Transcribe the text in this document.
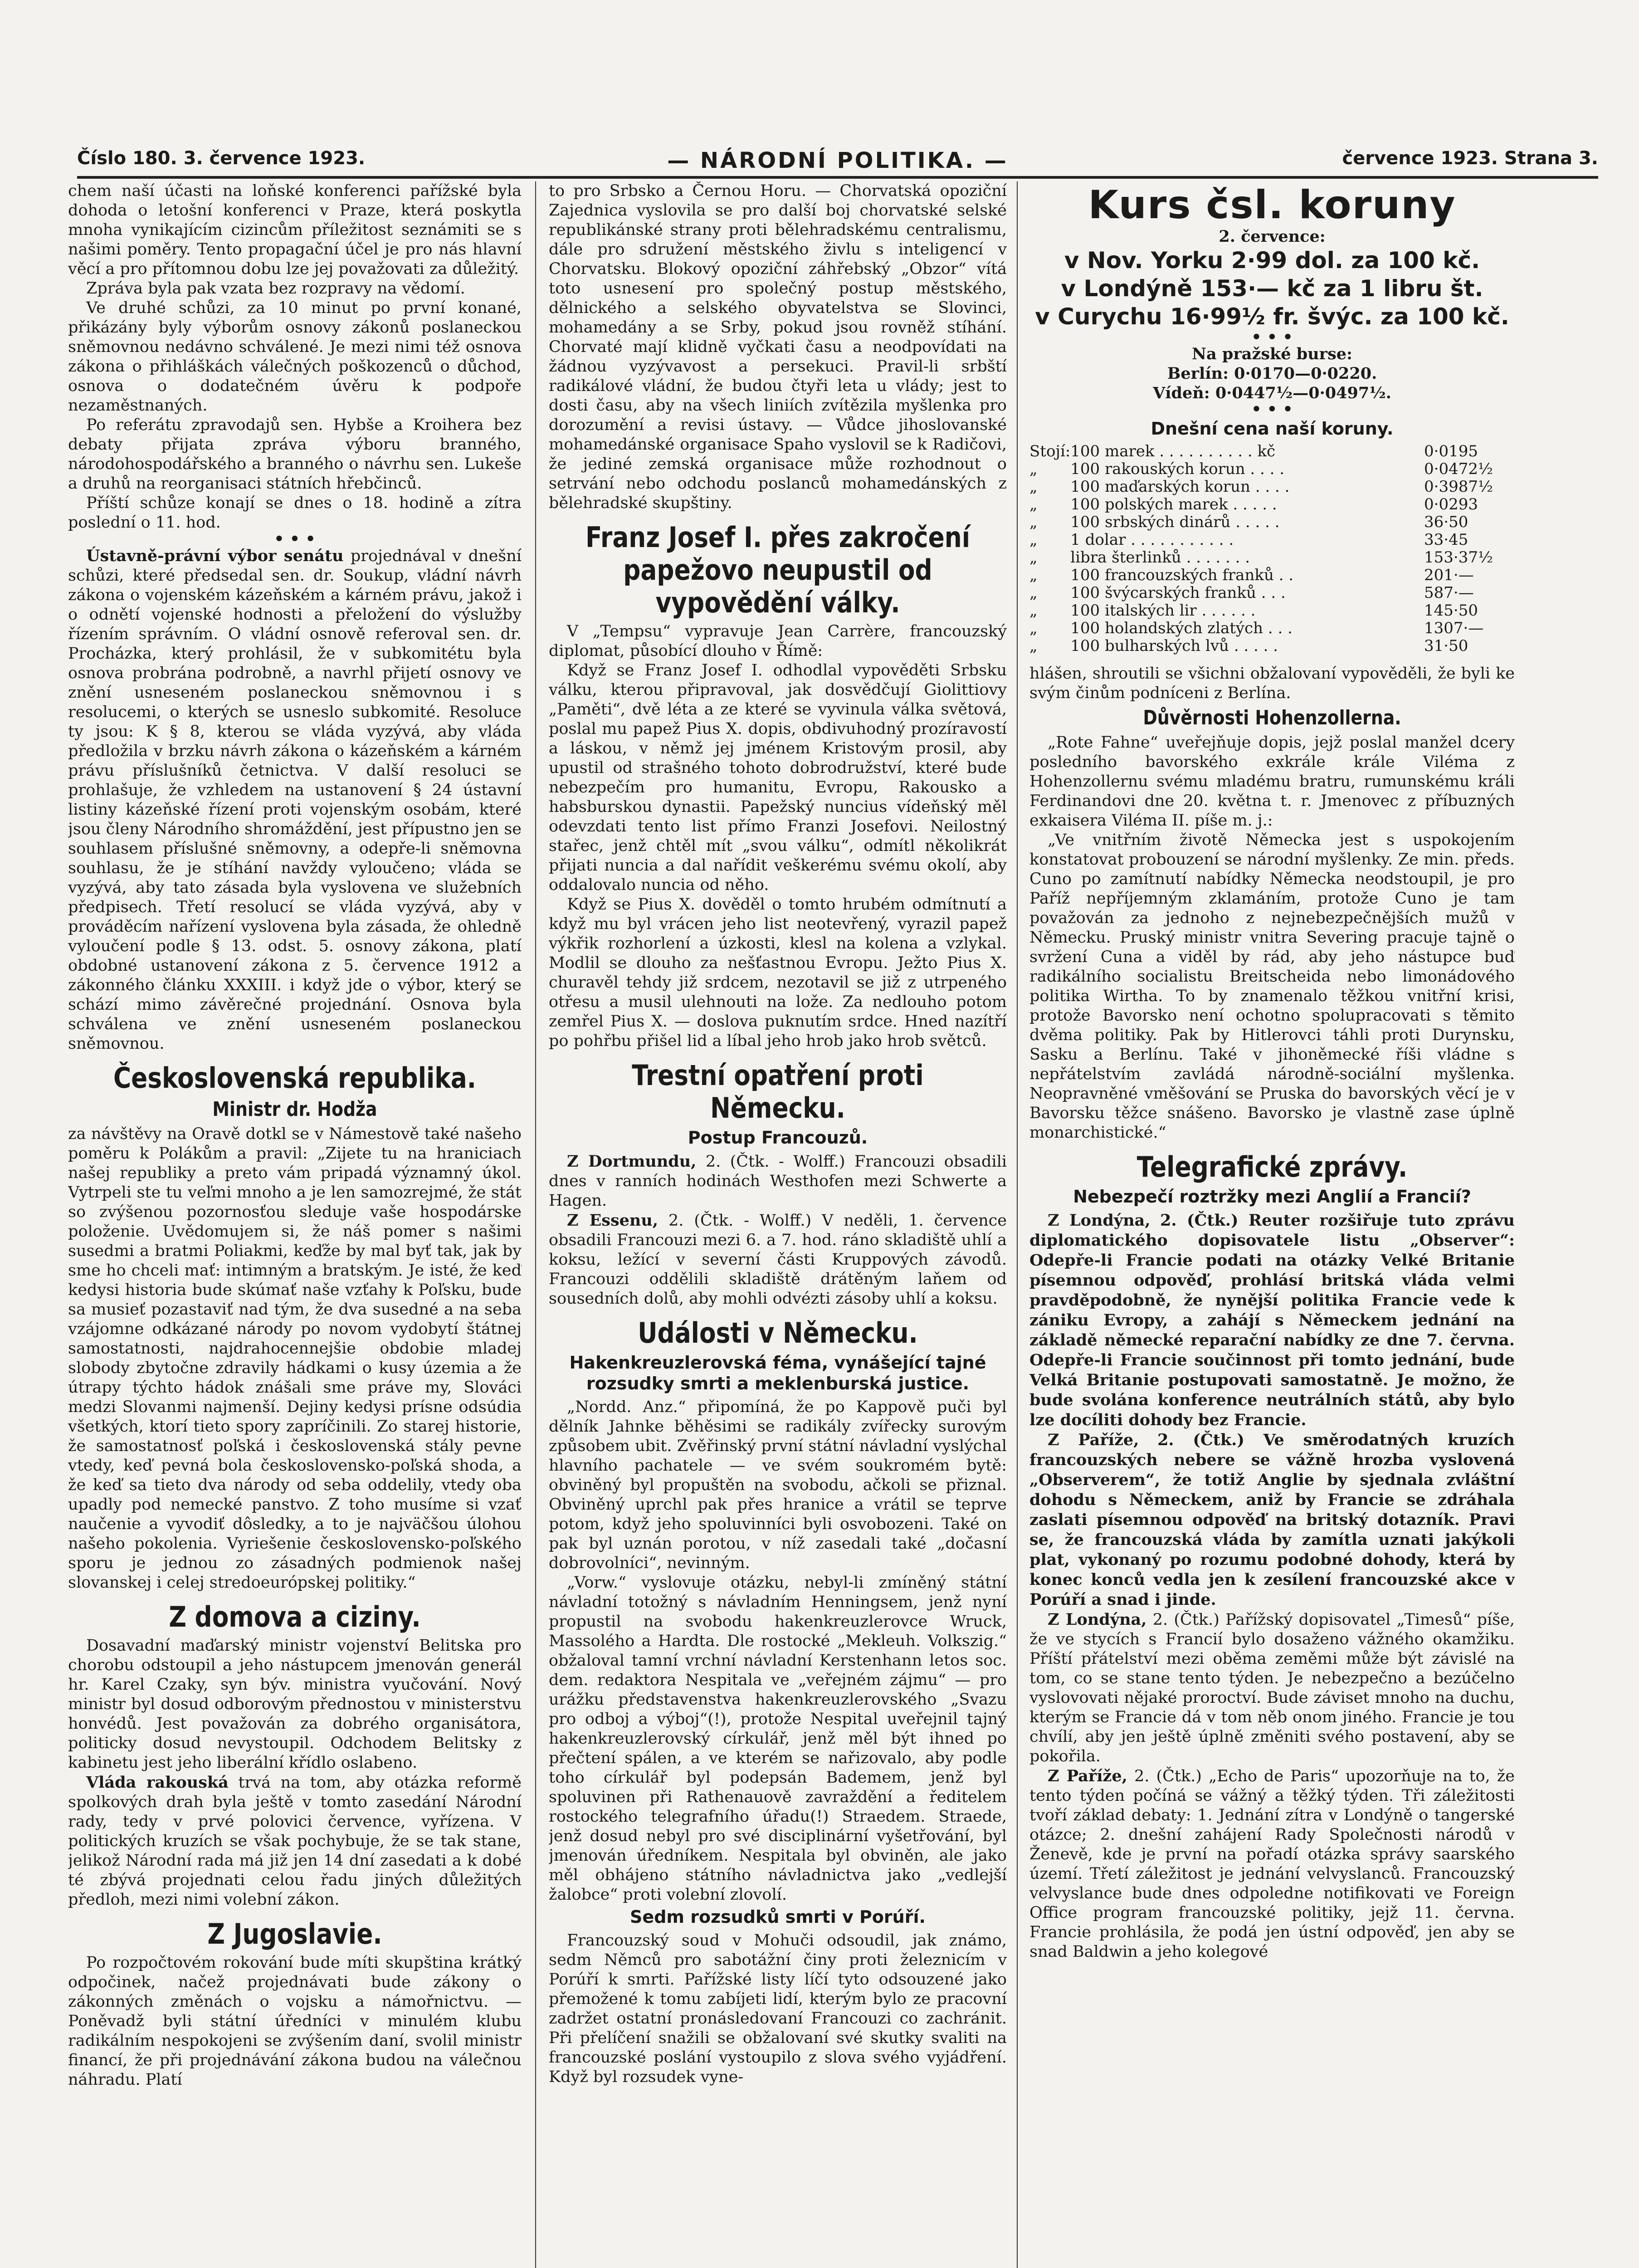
Číslo 180. 3. července 1923.	— NÁRODNÍ POLITIKA. —	července 1923. Strana 3.

chem naší účasti na loňské konferenci pařížské byla dohoda o letošní konferenci v Praze, která poskytla mnoha vynikajícím cizincům příležitost seznámiti se s našimi poměry. Tento propagační účel je pro nás hlavní věcí a pro přítomnou dobu lze jej považovati za důležitý.

Zpráva byla pak vzata bez rozpravy na vědomí.

Ve druhé schůzi, za 10 minut po první konané, přikázány byly výborům osnovy zákonů poslaneckou sněmovnou nedávno schválené. Je mezi nimi též osnova zákona o přihláškách válečných poškozenců o důchod, osnova o dodatečném úvěru k podpoře nezaměstnaných.

Po referátu zpravodajů sen. Hybše a Kroihera bez debaty přijata zpráva výboru branného, národohospodářského a branného o návrhu sen. Lukeše a druhů na reorganisaci státních hřebčinců.

Příští schůze konají se dnes o 18. hodině a zítra poslední o 11. hod.

• • •

Ústavně-právní výbor senátu projednával v dnešní schůzi, které předsedal sen. dr. Soukup, vládní návrh zákona o vojenském kázeňském a kárném právu, jakož i o odnětí vojenské hodnosti a přeložení do výslužby řízením správním. O vládní osnově referoval sen. dr. Procházka, který prohlásil, že v subkomitétu byla osnova probrána podrobně, a navrhl přijetí osnovy ve znění usneseném poslaneckou sněmovnou i s resolucemi, o kterých se usneslo subkomité. Resoluce ty jsou: K § 8, kterou se vláda vyzývá, aby vláda předložila v brzku návrh zákona o kázeňském a kárném právu příslušníků četnictva. V další resoluci se prohlašuje, že vzhledem na ustanovení § 24 ústavní listiny kázeňské řízení proti vojenským osobám, které jsou členy Národního shromáždění, jest přípustno jen se souhlasem příslušné sněmovny, a odepře-li sněmovna souhlasu, že je stíhání navždy vyloučeno; vláda se vyzývá, aby tato zásada byla vyslovena ve služebních předpisech. Třetí resolucí se vláda vyzývá, aby v prováděcím nařízení vyslovena byla zásada, že ohledně vyloučení podle § 13. odst. 5. osnovy zákona, platí obdobné ustanovení zákona z 5. července 1912 a zákonného článku XXXIII. i když jde o výbor, který se schází mimo závěrečné projednání. Osnova byla schválena ve znění usneseném poslaneckou sněmovnou.

Československá republika.
Ministr dr. Hodža

za návštěvy na Oravě dotkl se v Námestově také našeho poměru k Polákům a pravil: „Zijete tu na hraniciach našej republiky a preto vám pripadá významný úkol. Vytrpeli ste tu veľmi mnoho a je len samozrejmé, že stát so zvýšenou pozornosťou sleduje vaše hospodárske položenie. Uvědomujem si, že náš pomer s našimi susedmi a bratmi Poliakmi, keďže by mal byť tak, jak by sme ho chceli mať: intimným a bratským. Je isté, že keď kedysi historia bude skúmať naše vzťahy k Poľsku, bude sa musieť pozastaviť nad tým, že dva susedné a na seba vzájomne odkázané národy po novom vydobytí štátnej samostatnosti, najdrahocennejšie obdobie mladej slobody zbytočne zdravily hádkami o kusy územia a že útrapy týchto hádok znášali sme práve my, Slováci medzi Slovanmi najmenší. Dejiny kedysi prísne odsúdia všetkých, ktorí tieto spory zapríčinili. Zo starej historie, že samostatnosť poľská i československá stály pevne vtedy, keď pevná bola československo-poľská shoda, a že keď sa tieto dva národy od seba oddelily, vtedy oba upadly pod nemecké panstvo. Z toho musíme si vzať naučenie a vyvodiť dôsledky, a to je najväčšou úlohou našeho pokolenia. Vyriešenie československo-poľského sporu je jednou zo zásadných podmienok našej slovanskej i celej stredoeurópskej politiky.“

Z domova a ciziny.

Dosavadní maďarský ministr vojenství Belitska pro chorobu odstoupil a jeho nástupcem jmenován generál hr. Karel Czaky, syn býv. ministra vyučování. Nový ministr byl dosud odborovým přednostou v ministerstvu honvédů. Jest považován za dobrého organisátora, politicky dosud nevystoupil. Odchodem Belitsky z kabinetu jest jeho liberální křídlo oslabeno.

Vláda rakouská trvá na tom, aby otázka reformě spolkových drah byla ještě v tomto zasedání Národní rady, tedy v prvé polovici července, vyřízena. V politických kruzích se však pochybuje, že se tak stane, jelikož Národní rada má již jen 14 dní zasedati a k dobé té zbývá projednati celou řadu jiných důležitých předloh, mezi nimi volební zákon.

Z Jugoslavie.

Po rozpočtovém rokování bude míti skupština krátký odpočinek, načež projednávati bude zákony o zákonných změnách o vojsku a námořnictvu. — Poněvadž byli státní úředníci v minulém klubu radikálním nespokojeni se zvýšením daní, svolil ministr financí, že při projednávání zákona budou na válečnou náhradu. Platí

to pro Srbsko a Černou Horu. — Chorvatská opoziční Zajednica vyslovila se pro další boj chorvatské selské republikánské strany proti bělehradskému centralismu, dále pro sdružení městského živlu s inteligencí v Chorvatsku. Blokový opoziční záhřebský „Obzor“ vítá toto usnesení pro společný postup městského, dělnického a selského obyvatelstva se Slovinci, mohamedány a se Srby, pokud jsou rovněž stíhání. Chorvaté mají klidně vyčkati času a neodpovídati na žádnou vyzývavost a persekuci. Pravil-li srbští radikálové vládní, že budou čtyři leta u vlády; jest to dosti času, aby na všech liniích zvítězila myšlenka pro dorozumění a revisi ústavy. — Vůdce jihoslovanské mohamedánské organisace Spaho vyslovil se k Radičovi, že jediné zemská organisace může rozhodnout o setrvání nebo odchodu poslanců mohamedánských z bělehradské skupštiny.

Franz Josef I. přes zakročení papežovo neupustil od vypovědění války.

V „Tempsu“ vypravuje Jean Carrère, francouzský diplomat, působící dlouho v Římě:

Když se Franz Josef I. odhodlal vypověděti Srbsku válku, kterou připravoval, jak dosvědčují Giolittiovy „Paměti“, dvě léta a ze které se vyvinula válka světová, poslal mu papež Pius X. dopis, obdivuhodný prozíravostí a láskou, v němž jej jménem Kristovým prosil, aby upustil od strašného tohoto dobrodružství, které bude nebezpečím pro humanitu, Evropu, Rakousko a habsburskou dynastii. Papežský nuncius vídeňský měl odevzdati tento list přímo Franzi Josefovi. Neilostný stařec, jenž chtěl mít „svou válku“, odmítl několikrát přijati nuncia a dal nařídit veškerému svému okolí, aby oddalovalo nuncia od něho.

Když se Pius X. dověděl o tomto hrubém odmítnutí a když mu byl vrácen jeho list neotevřený, vyrazil papež výkřik rozhorlení a úzkosti, klesl na kolena a vzlykal. Modlil se dlouho za nešťastnou Evropu. Ježto Pius X. churavěl tehdy již srdcem, nezotavil se již z utrpeného otřesu a musil ulehnouti na lože. Za nedlouho potom zemřel Pius X. — doslova puknutím srdce. Hned nazítří po pohřbu přišel lid a líbal jeho hrob jako hrob světců.

Trestní opatření proti Německu.
Postup Francouzů.

Z Dortmundu, 2. (Čtk. - Wolff.) Francouzi obsadili dnes v ranních hodinách Westhofen mezi Schwerte a Hagen.

Z Essenu, 2. (Čtk. - Wolff.) V neděli, 1. července obsadili Francouzi mezi 6. a 7. hod. ráno skladiště uhlí a koksu, ležící v severní části Kruppových závodů. Francouzi oddělili skladiště drátěným laňem od sousedních dolů, aby mohli odvézti zásoby uhlí a koksu.

Události v Německu.
Hakenkreuzlerovská féma, vynášející tajné rozsudky smrti a meklenburská justice.

„Nordd. Anz.“ připomíná, že po Kappově puči byl dělník Jahnke běhěsimi se radikály zvířecky surovým způsobem ubit. Zvěřinský první státní návladní vyslýchal hlavního pachatele — ve svém soukromém bytě: obviněný byl propuštěn na svobodu, ačkoli se přiznal. Obviněný uprchl pak přes hranice a vrátil se teprve potom, když jeho spoluvinníci byli osvobozeni. Také on pak byl uznán porotou, v níž zasedali také „dočasní dobrovolníci“, nevinným.

„Vorw.“ vyslovuje otázku, nebyl-li zmíněný státní návladní totožný s návladním Henningsem, jenž nyní propustil na svobodu hakenkreuzlerovce Wruck, Massolého a Hardta. Dle rostocké „Mekleuh. Volkszig.“ obžaloval tamní vrchní návladní Kerstenhann letos soc. dem. redaktora Nespitala ve „veřejném zájmu“ — pro urážku představenstva hakenkreuzlerovského „Svazu pro odboj a výboj“(!), protože Nespital uveřejnil tajný hakenkreuzlerovský církulář, jenž měl být ihned po přečtení spálen, a ve kterém se nařizovalo, aby podle toho církulář byl podepsán Bademem, jenž byl spoluvinen při Rathenauově zavraždění a ředitelem rostockého telegrafního úřadu(!) Straedem. Straede, jenž dosud nebyl pro své disciplinární vyšetřování, byl jmenován úředníkem. Nespitala byl obviněn, ale jako měl obhájeno státního návladnictva jako „vedlejší žalobce“ proti volební zlovolí.

Sedm rozsudků smrti v Porúří.

Francouzský soud v Mohuči odsoudil, jak známo, sedm Němců pro sabotážní činy proti železnicím v Porúří k smrti. Pařížské listy líčí tyto odsouzené jako přemožené k tomu zabíjeti lidí, kterým bylo ze pracovní zadržet ostatní pronásledovaní Francouzi co zachránit. Při přelíčení snažili se obžalovaní své skutky svaliti na francouzské poslání vystoupilo z slova svého vyjádření. Když byl rozsudek vyne-

Kurs čsl. koruny
2. července:
v Nov. Yorku 2·99 dol. za 100 kč.
v Londýně 153·— kč za 1 libru št.
v Curychu 16·99½ fr. švýc. za 100 kč.
• • •
Na pražské burse:
Berlín: 0·0170—0·0220.
Vídeň: 0·0447½—0·0497½.
• • •
Dnešní cena naší koruny.
Stojí:	100 marek . . . . . . . . . . kč	0·0195
„	100 rakouských korun . . . .	0·0472½
„	100 maďarských korun . . . .	0·3987½
„	100 polských marek . . . . .	0·0293
„	100 srbských dinárů . . . . .	36·50
„	1 dolar . . . . . . . . . . .	33·45
„	libra šterlinků . . . . . . .	153·37½
„	100 francouzských franků . .	201·—
„	100 švýcarských franků . . .	587·—
„	100 italských lir . . . . . .	145·50
„	100 holandských zlatých . . .	1307·—
„	100 bulharských lvů . . . . .	31·50

hlášen, shroutili se všichni obžalovaní vypověděli, že byli ke svým činům podníceni z Berlína.

Důvěrnosti Hohenzollerna.

„Rote Fahne“ uveřejňuje dopis, jejž poslal manžel dcery posledního bavorského exkrále krále Viléma z Hohenzollernu svému mladému bratru, rumunskému králi Ferdinandovi dne 20. května t. r. Jmenovec z příbuzných exkaisera Viléma II. píše m. j.:

„Ve vnitřním životě Německa jest s uspokojením konstatovat probouzení se národní myšlenky. Ze min. předs. Cuno po zamítnutí nabídky Německa neodstoupil, je pro Paříž nepříjemným zklamáním, protože Cuno je tam považován za jednoho z nejnebezpečnějších mužů v Německu. Pruský ministr vnitra Severing pracuje tajně o svržení Cuna a viděl by rád, aby jeho nástupce buď radikálního socialistu Breitscheida nebo limonádového politika Wirtha. To by znamenalo těžkou vnitřní krisi, protože Bavorsko není ochotno spolupracovati s těmito dvěma politiky. Pak by Hitlerovci táhli proti Durynsku, Sasku a Berlínu. Také v jihoněmecké říši vládne s nepřátelstvím zavládá národně-sociální myšlenka. Neopravněné vměšování se Pruska do bavorských věcí je v Bavorsku těžce snášeno. Bavorsko je vlastně zase úplně monarchistické.“

Telegrafické zprávy.
Nebezpečí roztržky mezi Anglií a Francií?

Z Londýna, 2. (Čtk.) Reuter rozšiřuje tuto zprávu diplomatického dopisovatele listu „Observer“: Odepře-li Francie podati na otázky Velké Britanie písemnou odpověď, prohlásí britská vláda velmi pravděpodobně, že nynější politika Francie vede k zániku Evropy, a zahájí s Německem jednání na základě německé reparační nabídky ze dne 7. června. Odepře-li Francie součinnost při tomto jednání, bude Velká Britanie postupovati samostatně. Je možno, že bude svolána konference neutrálních států, aby bylo lze docíliti dohody bez Francie.

Z Paříže, 2. (Čtk.) Ve směrodatných kruzích francouzských nebere se vážně hrozba vyslovená „Observerem“, že totiž Anglie by sjednala zvláštní dohodu s Německem, aniž by Francie se zdráhala zaslati písemnou odpověď na britský dotazník. Pravi se, že francouzská vláda by zamítla uznati jakýkoli plat, vykonaný po rozumu podobné dohody, která by konec konců vedla jen k zesílení francouzské akce v Porúří a snad i jinde.

Z Londýna, 2. (Čtk.) Pařížský dopisovatel „Timesů“ píše, že ve stycích s Francií bylo dosaženo vážného okamžiku. Příští přátelství mezi oběma zeměmi může být závislé na tom, co se stane tento týden. Je nebezpečno a bezúčelno vyslovovati nějaké proroctví. Bude záviset mnoho na duchu, kterým se Francie dá v tom něb onom jiného. Francie je tou chvílí, aby jen ještě úplně změniti svého postavení, aby se pokořila.

Z Paříže, 2. (Čtk.) „Echo de Paris“ upozorňuje na to, že tento týden počíná se vážný a těžký týden. Tři záležitosti tvoří základ debaty: 1. Jednání zítra v Londýně o tangerské otázce; 2. dnešní zahájení Rady Společnosti národů v Ženevě, kde je první na pořadí otázka správy saarského území. Třetí záležitost je jednání velvyslanců. Francouzský velvyslance bude dnes odpoledne notifikovati ve Foreign Office program francouzské politiky, jejž 11. června. Francie prohlásila, že podá jen ústní odpověď, jen aby se snad Baldwin a jeho kolegové
